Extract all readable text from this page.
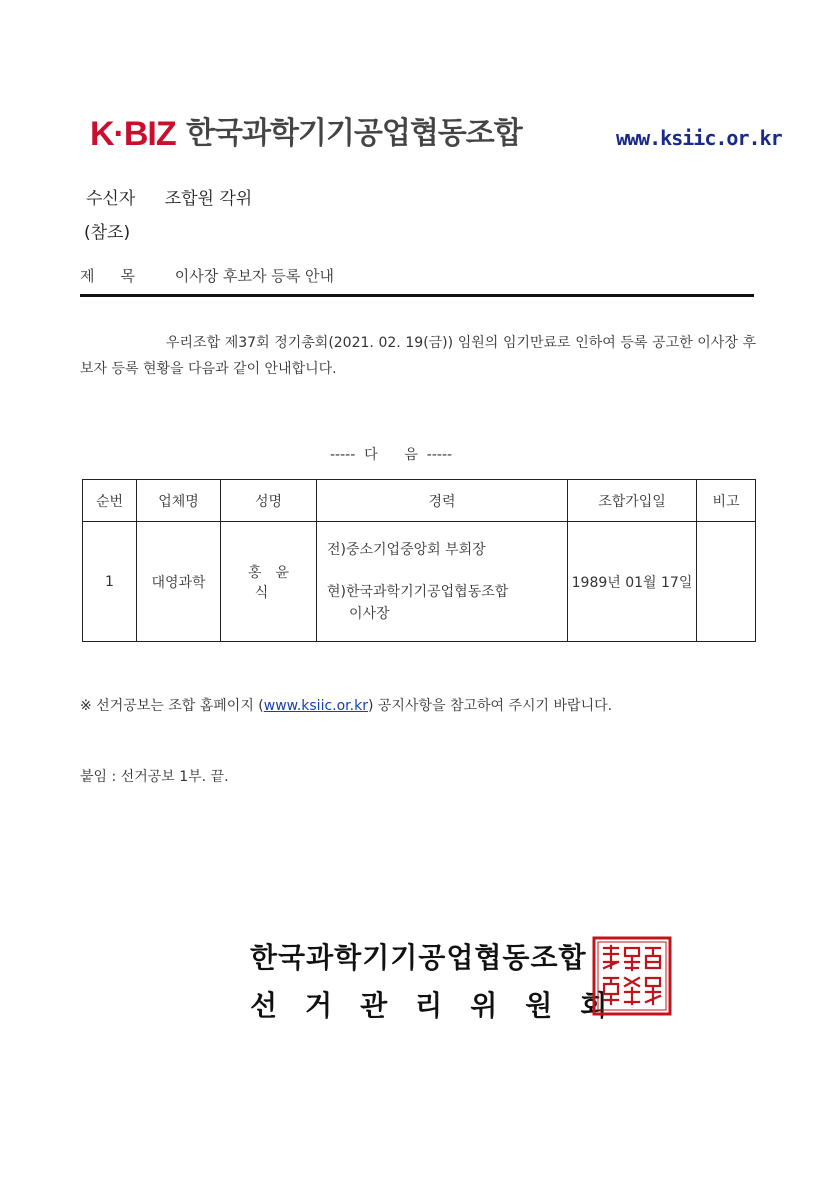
K·BIZ 한국과학기기공업협동조합	www.ksiic.or.kr
수신자 조합원 각위
(참조)
제목 이사장 후보자 등록 안내
우리조합 제37회 정기총회(2021. 02. 19(금)) 임원의 임기만료로 인하여 등록 공고한 이사장 후보자 등록 현황을 다음과 같이 안내합니다.
-----  다      음  -----
순번	업체명	성명	경력	조합가입일	비고
1	대영과학	홍윤식	전)중소기업중앙회 부회장
현)한국과학기기공업협동조합
이사장	1989년 01월 17일	
※ 선거공보는 조합 홈페이지 (www.ksiic.or.kr) 공지사항을 참고하여 주시기 바랍니다.
붙임 : 선거공보 1부. 끝.
한국과학기기공업협동조합
선거관리위원회
